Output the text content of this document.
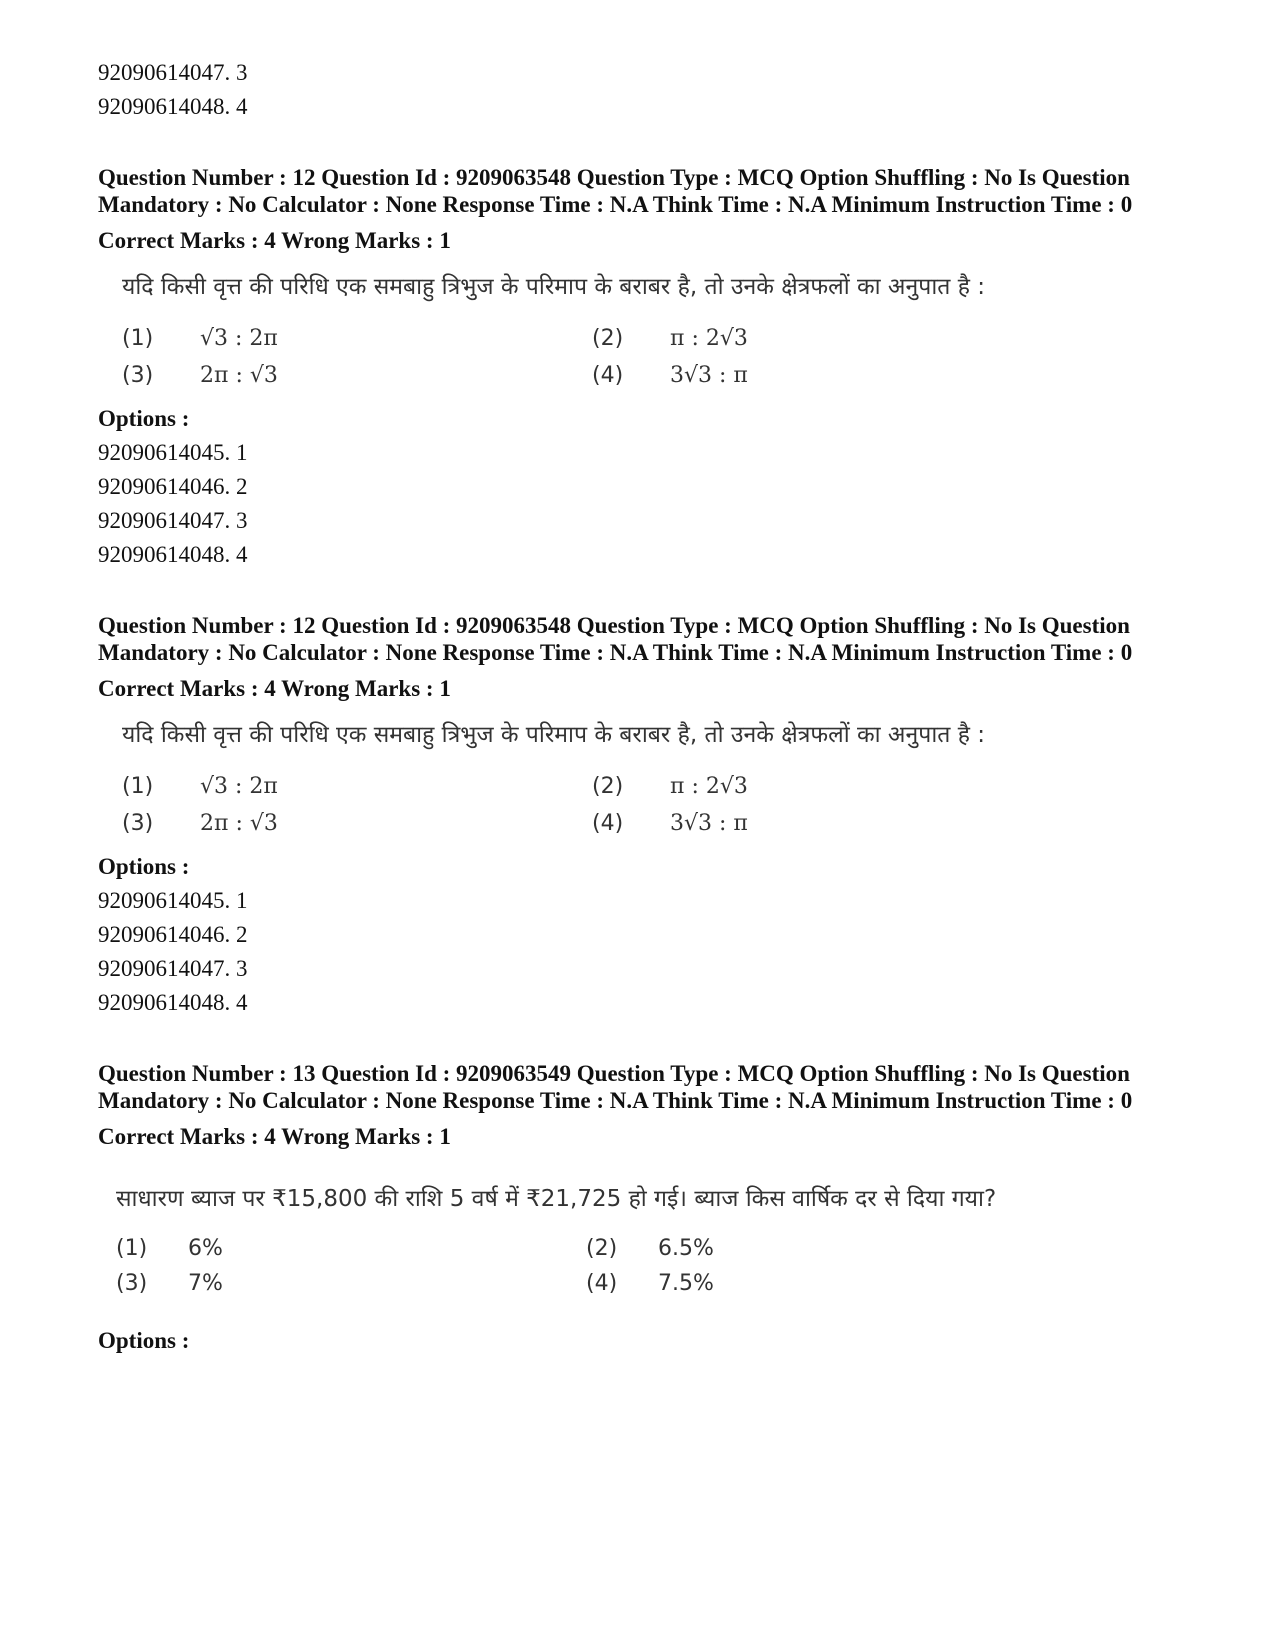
92090614047. 3
92090614048. 4

Question Number : 12 Question Id : 9209063548 Question Type : MCQ Option Shuffling : No Is Question Mandatory : No Calculator : None Response Time : N.A Think Time : N.A Minimum Instruction Time : 0

Correct Marks : 4 Wrong Marks : 1
यदि किसी वृत्त की परिधि एक समबाहु त्रिभुज के परिमाप के बराबर है, तो उनके क्षेत्रफलों का अनुपात है :
(1)	√3 : 2π	(2)	π : 2√3
(3)	2π : √3	(4)	3√3 : π
Options :
92090614045. 1
92090614046. 2
92090614047. 3
92090614048. 4

Question Number : 12 Question Id : 9209063548 Question Type : MCQ Option Shuffling : No Is Question Mandatory : No Calculator : None Response Time : N.A Think Time : N.A Minimum Instruction Time : 0

Correct Marks : 4 Wrong Marks : 1
यदि किसी वृत्त की परिधि एक समबाहु त्रिभुज के परिमाप के बराबर है, तो उनके क्षेत्रफलों का अनुपात है :
(1)	√3 : 2π	(2)	π : 2√3
(3)	2π : √3	(4)	3√3 : π
Options :
92090614045. 1
92090614046. 2
92090614047. 3
92090614048. 4

Question Number : 13 Question Id : 9209063549 Question Type : MCQ Option Shuffling : No Is Question Mandatory : No Calculator : None Response Time : N.A Think Time : N.A Minimum Instruction Time : 0

Correct Marks : 4 Wrong Marks : 1
साधारण ब्याज पर ₹15,800 की राशि 5 वर्ष में ₹21,725 हो गई। ब्याज किस वार्षिक दर से दिया गया?
(1)	6%	(2)	6.5%
(3)	7%	(4)	7.5%
Options :
